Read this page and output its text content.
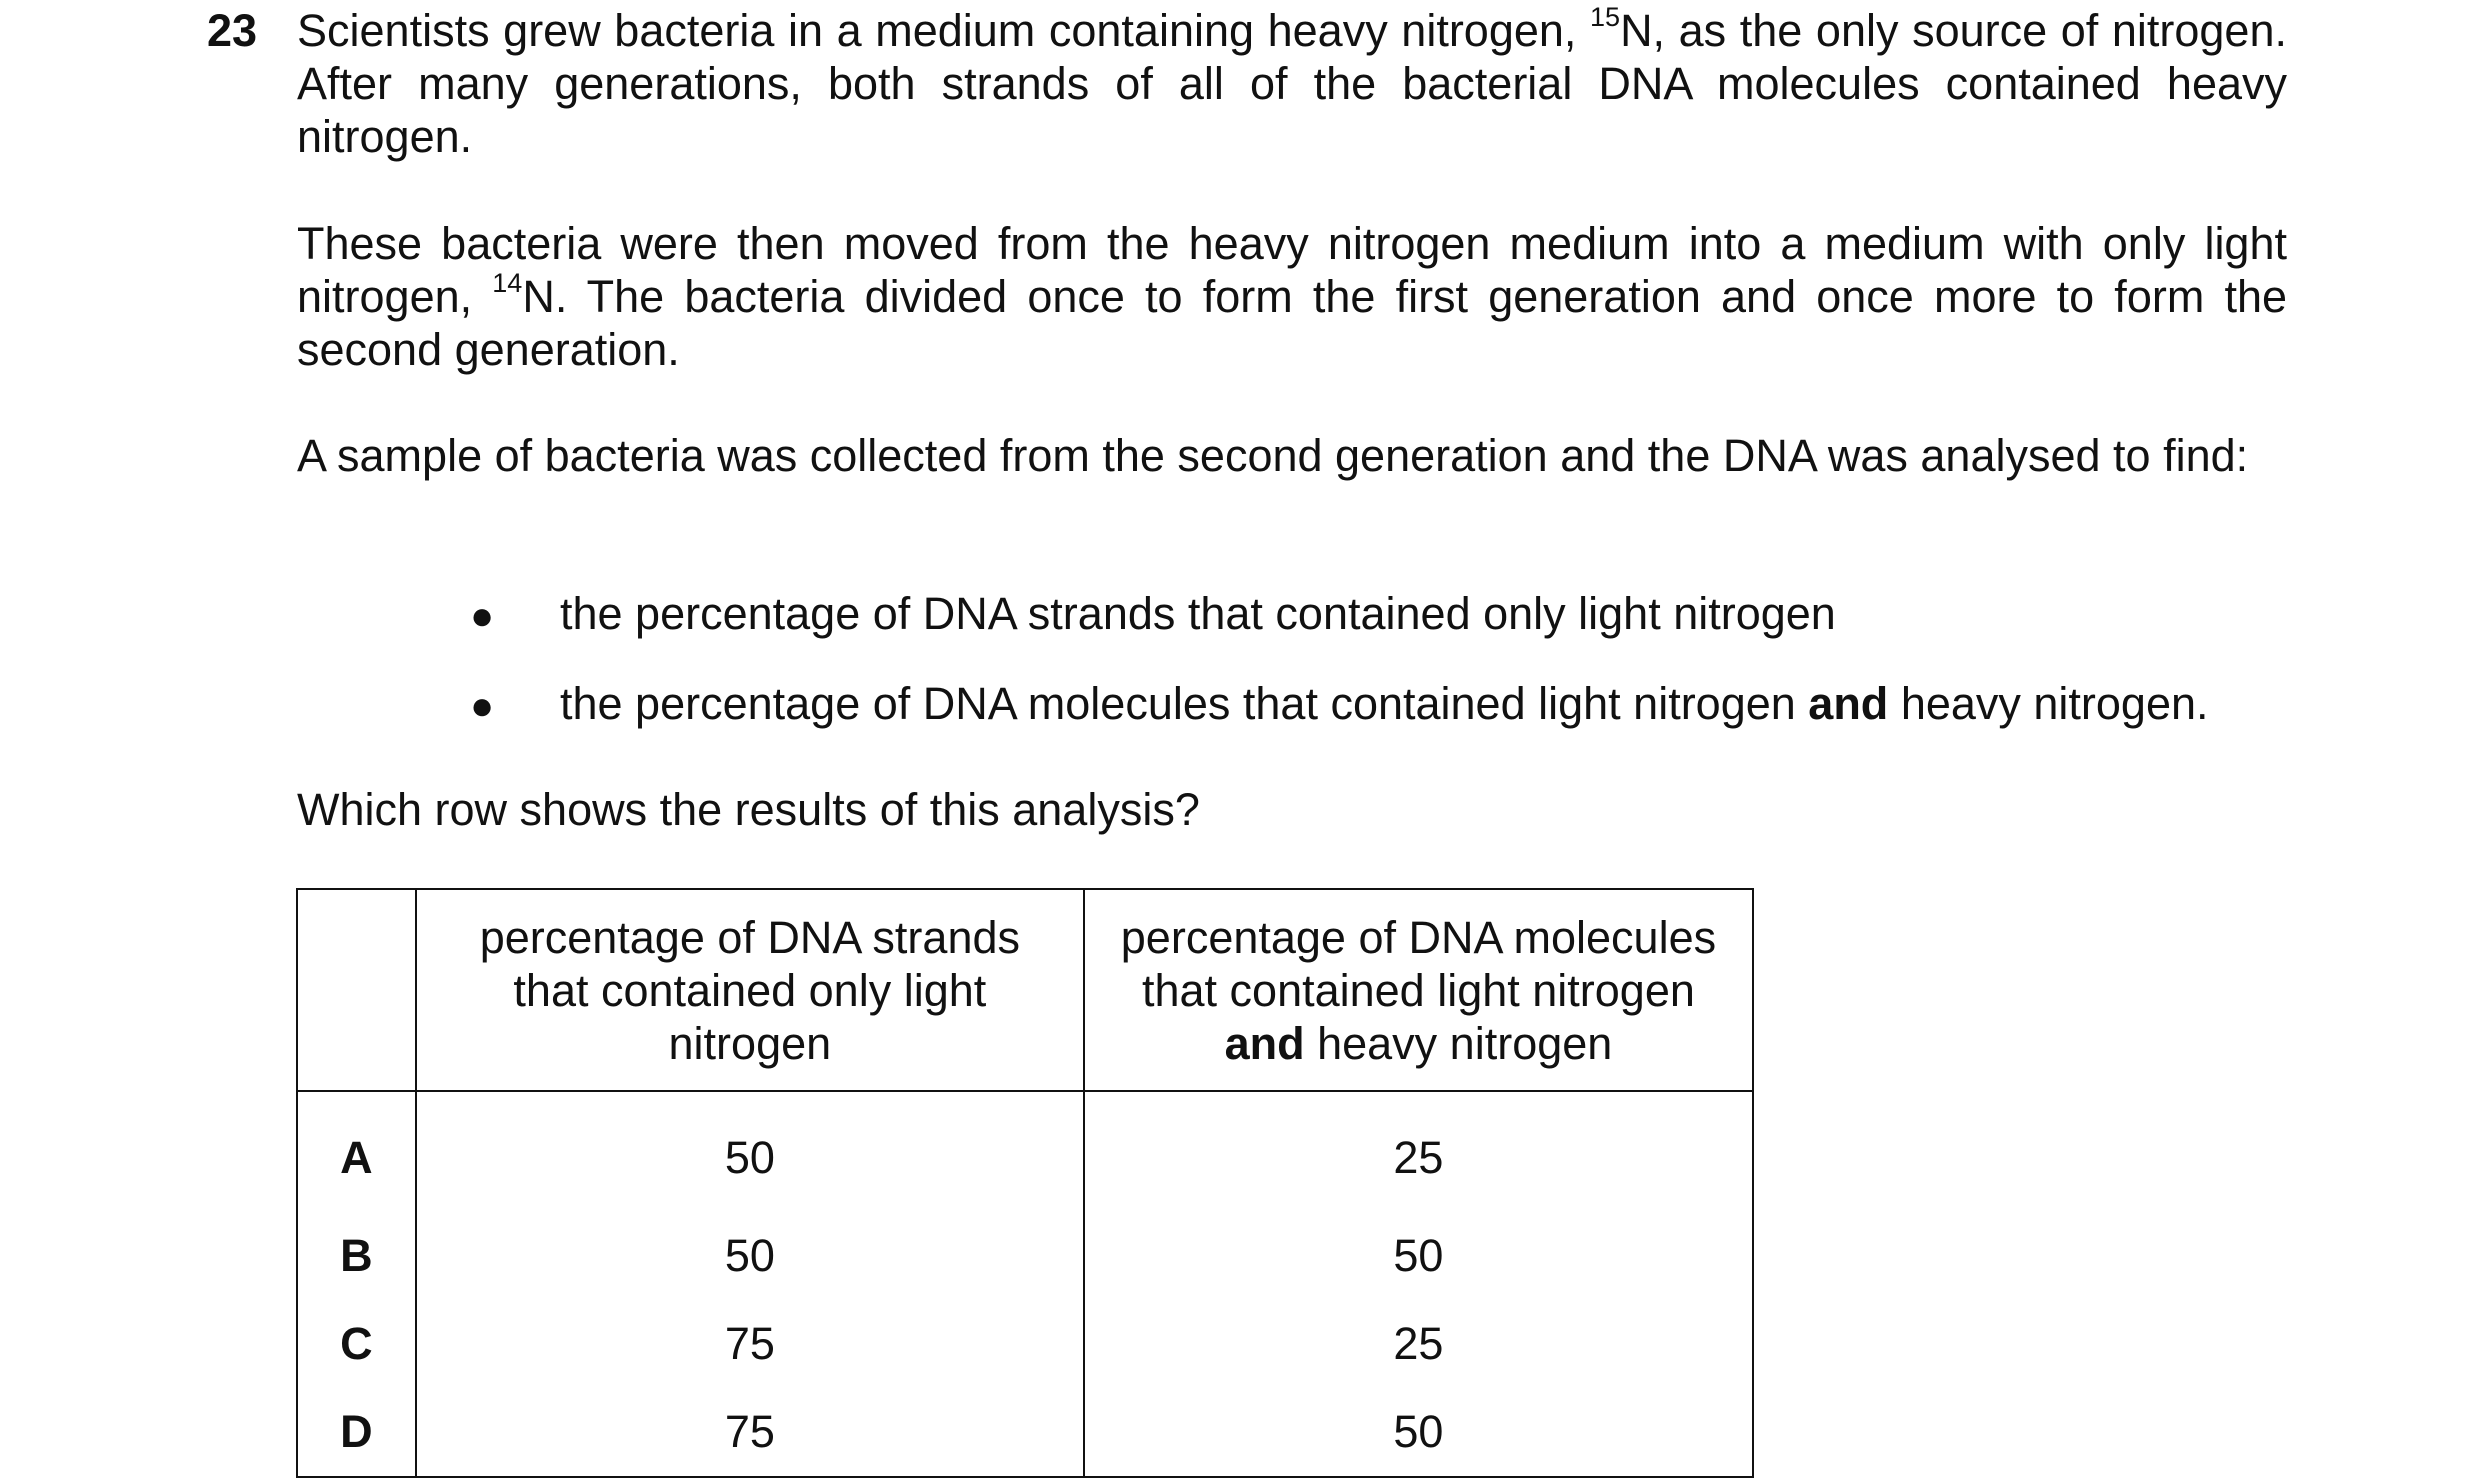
23 Scientists grew bacteria in a medium containing heavy nitrogen, $^{15}$N, as the only source of nitrogen. After many generations, both strands of all of the bacterial DNA molecules contained heavy nitrogen.

These bacteria were then moved from the heavy nitrogen medium into a medium with only light nitrogen, $^{14}$N. The bacteria divided once to form the first generation and once more to form the second generation.

A sample of bacteria was collected from the second generation and the DNA was analysed to find:

● the percentage of DNA strands that contained only light nitrogen
● the percentage of DNA molecules that contained light nitrogen and heavy nitrogen.
Which row shows the results of this analysis?
	percentage of DNA strands
that contained only light
nitrogen	percentage of DNA molecules
that contained light nitrogen
and heavy nitrogen
A	50	25
B	50	50
C	75	25
D	75	50
